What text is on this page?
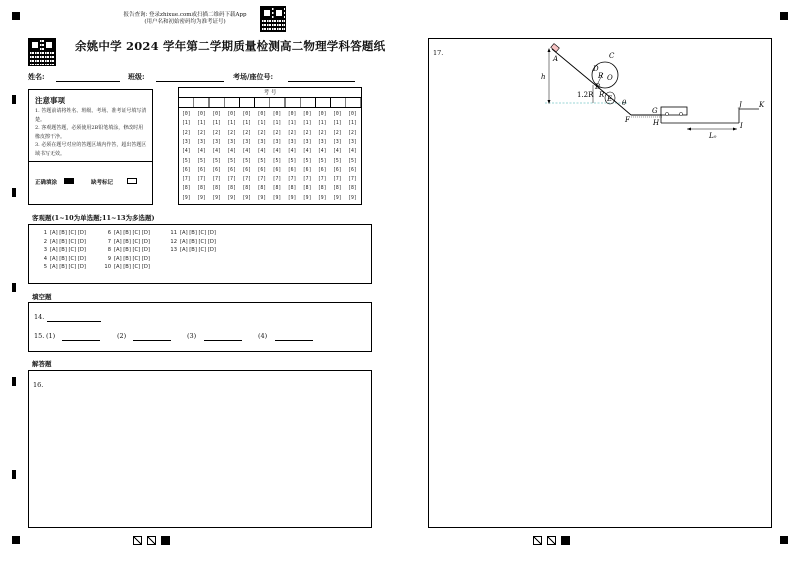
报告查询: 登录zhixue.com或扫描二维码下载App
(用户名和初始密码均为准考证号)
余姚中学 2024 学年第二学期质量检测高二物理学科答题纸
姓名:	班级:	考场/座位号:
注意事项
1. 答题前请将姓名、班级、考场、准考证号填写清楚。
2. 客观题答题，必须使用2B铅笔填涂，修改时用橡皮擦干净。
3. 必须在题号对应的答题区域内作答，超出答题区域书写无效。
正确填涂	缺考标记
考 号
[0] [0] [0] [0] [0] [0] [0] [0] [0] [0] [0] [0]
[1] [1] [1] [1] [1] [1] [1] [1] [1] [1] [1] [1]
[2] [2] [2] [2] [2] [2] [2] [2] [2] [2] [2] [2]
[3] [3] [3] [3] [3] [3] [3] [3] [3] [3] [3] [3]
[4] [4] [4] [4] [4] [4] [4] [4] [4] [4] [4] [4]
[5] [5] [5] [5] [5] [5] [5] [5] [5] [5] [5] [5]
[6] [6] [6] [6] [6] [6] [6] [6] [6] [6] [6] [6]
[7] [7] [7] [7] [7] [7] [7] [7] [7] [7] [7] [7]
[8] [8] [8] [8] [8] [8] [8] [8] [8] [8] [8] [8]
[9] [9] [9] [9] [9] [9] [9] [9] [9] [9] [9] [9]
客观题(1~10为单选题;11~13为多选题)
1 [A] [B] [C] [D]
2 [A] [B] [C] [D]
3 [A] [B] [C] [D]
4 [A] [B] [C] [D]
5 [A] [B] [C] [D]
6 [A] [B] [C] [D]
7 [A] [B] [C] [D]
8 [A] [B] [C] [D]
9 [A] [B] [C] [D]
10 [A] [B] [C] [D]
11 [A] [B] [C] [D]
12 [A] [B] [C] [D]
13 [A] [B] [C] [D]
填空题
14.
15. (1)	(2)	(3)	(4)
解答题
16.
17.
A
h
C
D
R O
1.2R
B
R E θ
F
G
H	I
J K
L₀
